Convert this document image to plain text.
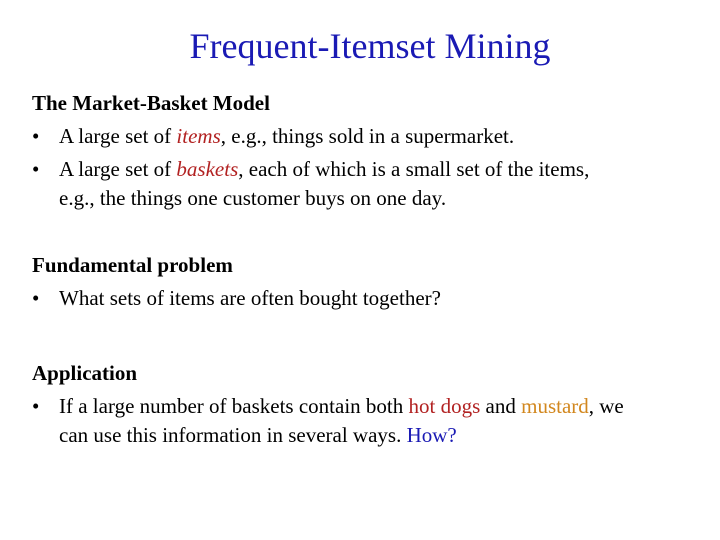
Frequent-Itemset Mining

The Market-Basket Model

• A large set of items, e.g., things sold in a supermarket.
• A large set of baskets, each of which is a small set of the items,
e.g., the things one customer buys on one day.

Fundamental problem

• What sets of items are often bought together?

Application

• If a large number of baskets contain both hot dogs and mustard, we
can use this information in several ways. How?
